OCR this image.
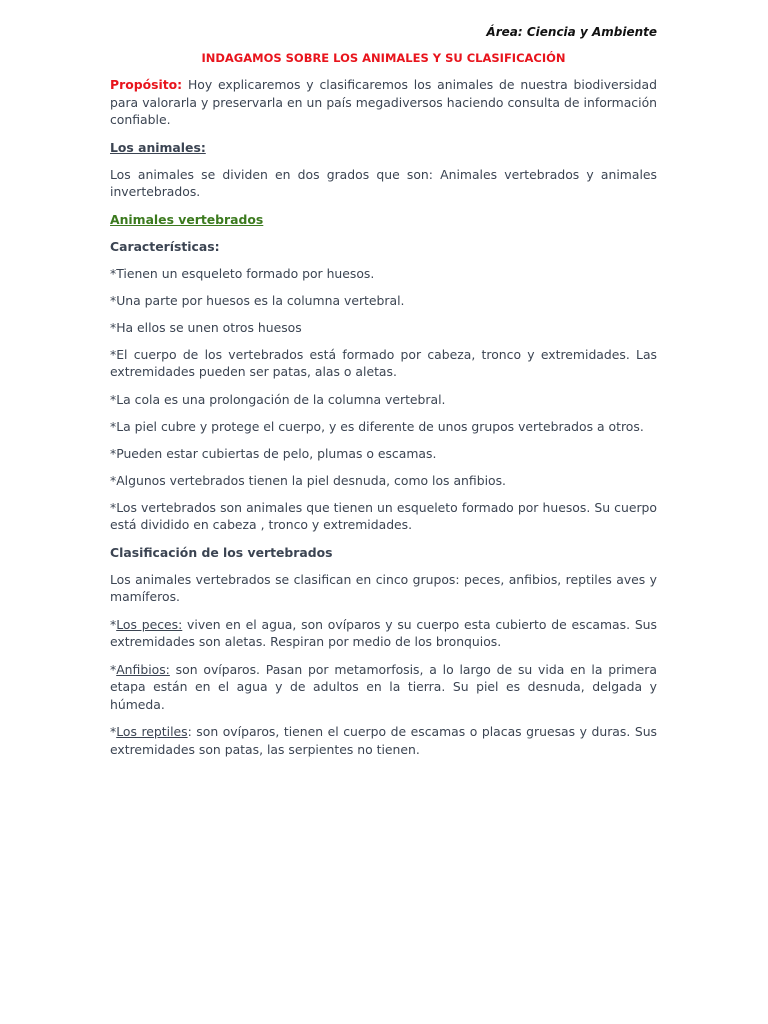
Área: Ciencia y Ambiente
INDAGAMOS SOBRE LOS ANIMALES Y SU CLASIFICACIÓN

Propósito: Hoy explicaremos y clasificaremos los animales de nuestra biodiversidad para valorarla y preservarla en un país megadiversos haciendo consulta de información confiable.

Los animales:

Los animales se dividen en dos grados que son: Animales vertebrados y animales invertebrados.

Animales vertebrados

Características:

*Tienen un esqueleto formado por huesos.

*Una parte por huesos es la columna vertebral.

*Ha ellos se unen otros huesos

*El cuerpo de los vertebrados está formado por cabeza, tronco y extremidades. Las extremidades pueden ser patas, alas o aletas.

*La cola es una prolongación de la columna vertebral.

*La piel cubre y protege el cuerpo, y es diferente de unos grupos vertebrados a otros.

*Pueden estar cubiertas de pelo, plumas o escamas.

*Algunos vertebrados tienen la piel desnuda, como los anfibios.

*Los vertebrados son animales que tienen un esqueleto formado por huesos. Su cuerpo está dividido en cabeza , tronco y extremidades.

Clasificación de los vertebrados

Los animales vertebrados se clasifican en cinco grupos: peces, anfibios, reptiles aves y mamíferos.

*Los peces: viven en el agua, son ovíparos y su cuerpo esta cubierto de escamas. Sus extremidades son aletas. Respiran por medio de los bronquios.

*Anfibios: son ovíparos. Pasan por metamorfosis, a lo largo de su vida en la primera etapa están en el agua y de adultos en la tierra. Su piel es desnuda, delgada y húmeda.

*Los reptiles: son ovíparos, tienen el cuerpo de escamas o placas gruesas y duras. Sus extremidades son patas, las serpientes no tienen.
